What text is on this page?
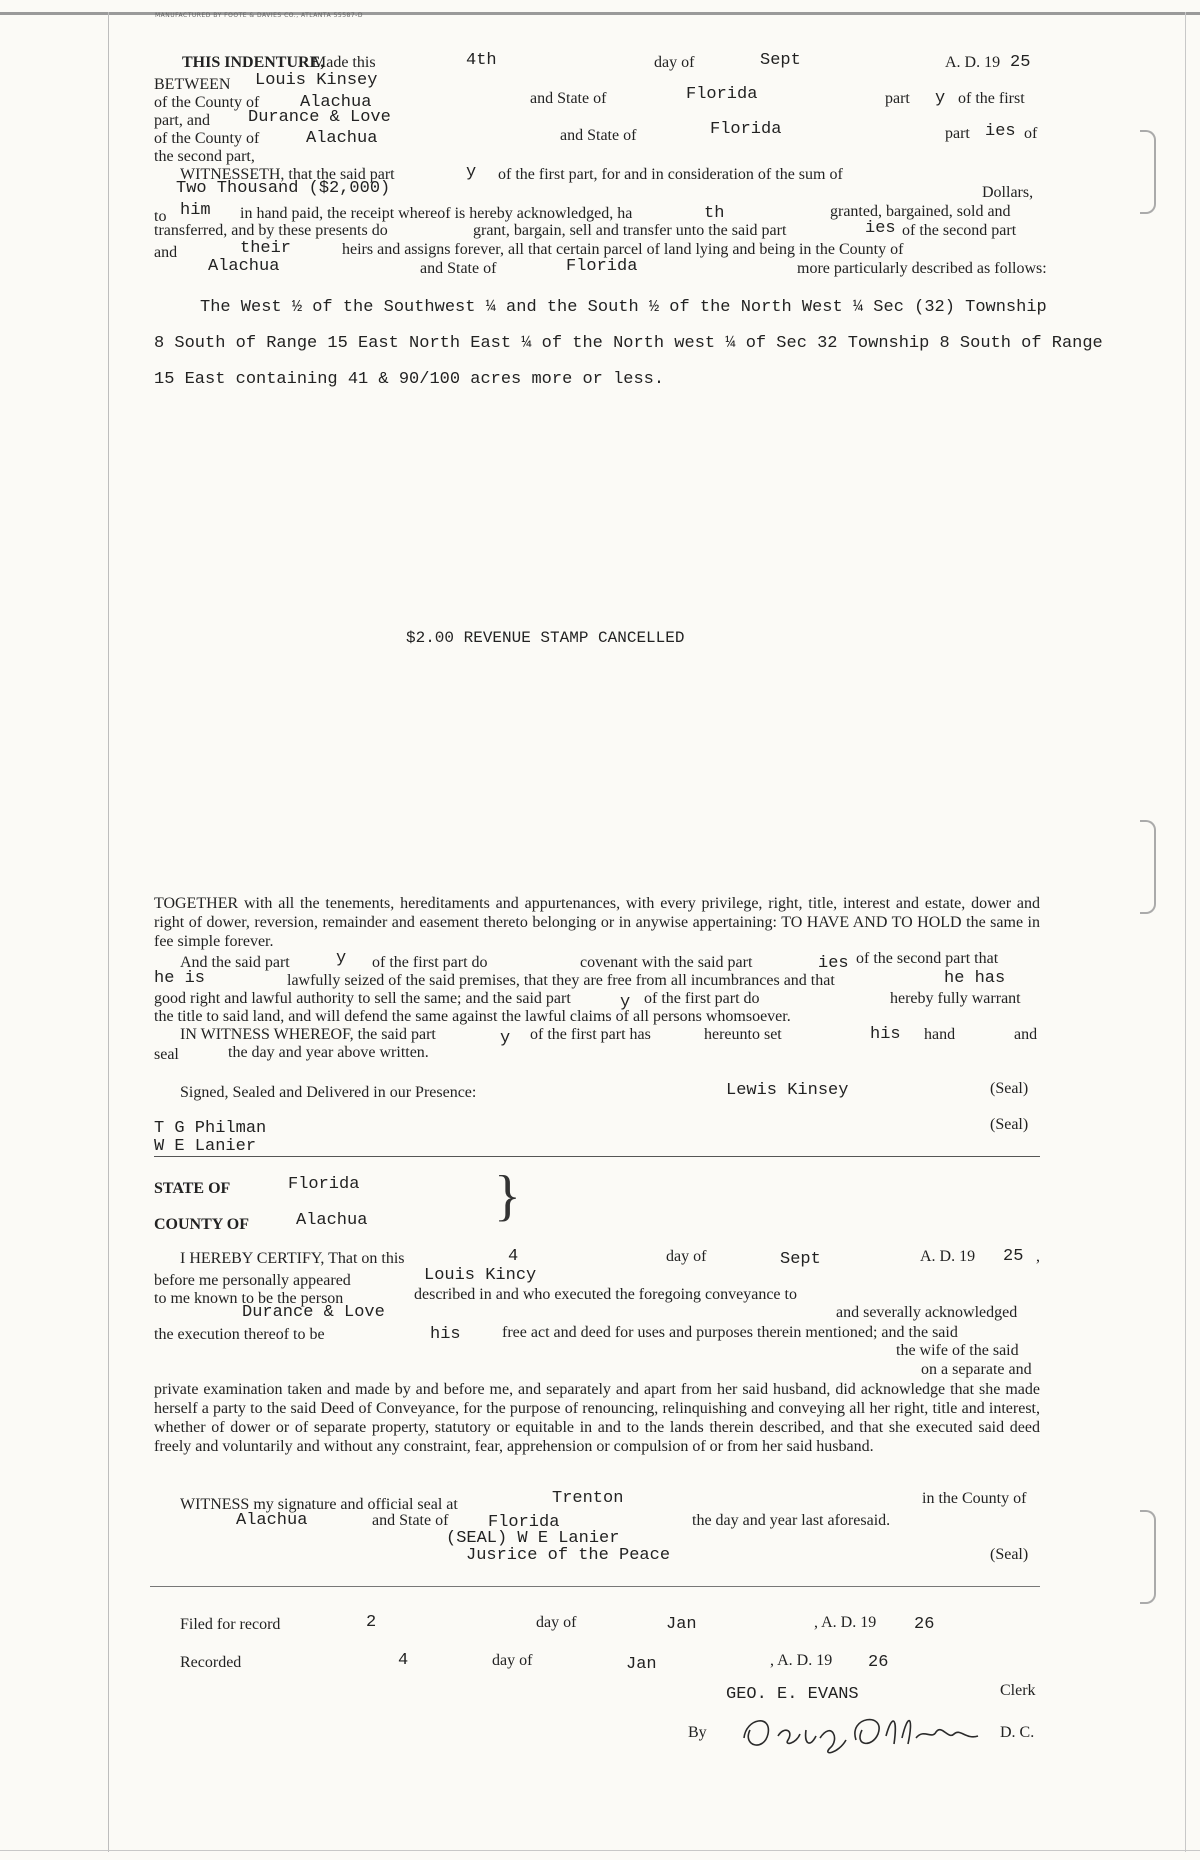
MANUFACTURED BY FOOTE & DAVIES CO., ATLANTA 55587-D
THIS INDENTURE,
Made this	4th	day of	Sept	A. D. 19 25
BETWEEN Louis Kinsey
of the County of Alachua	and State of	Florida	part y of the first
part, and Durance & Love
of the County of	Alachua	and State of	Florida	part ies of
the second part,
WITNESSETH, that the said part	y of the first part, for and in consideration of the sum of
Two Thousand ($2,000)	Dollars,
to him in hand paid, the receipt whereof is hereby acknowledged, ha	th	granted, bargained, sold and
transferred, and by these presents do	grant, bargain, sell and transfer unto the said part	ies of the second part
and	their	heirs and assigns forever, all that certain parcel of land lying and being in the County of
Alachua	and State of	Florida	more particularly described as follows:
The West ½ of the Southwest ¼ and the South ½ of the North West ¼ Sec (32) Township
8 South of Range 15 East North East ¼ of the North west ¼ of Sec 32 Township 8 South of Range
15 East containing 41 & 90/100 acres more or less.
$2.00 REVENUE STAMP CANCELLED
TOGETHER with all the tenements, hereditaments and appurtenances, with every privilege, right, title, interest and estate, dower and right of dower, reversion, remainder and easement thereto belonging or in anywise appertaining: TO HAVE AND TO HOLD the same in fee simple forever.
And the said part	y of the first part do	covenant with the said part	ies of the second part that
he is	lawfully seized of the said premises, that they are free from all incumbrances and that	he has
good right and lawful authority to sell the same; and the said part	y of the first part do	hereby fully warrant
the title to said land, and will defend the same against the lawful claims of all persons whomsoever.
IN WITNESS WHEREOF, the said part	y of the first part has	hereunto set	his hand	and
seal	the day and year above written.
Signed, Sealed and Delivered in our Presence:	Lewis Kinsey	(Seal)
(Seal)
T G Philman
W E Lanier
STATE OF	Florida
COUNTY OF	Alachua }
I HEREBY CERTIFY, That on this	4	day of	Sept	A. D. 19 25 ,
before me personally appeared	Louis Kincy
to me known to be the person	described in and who executed the foregoing conveyance to
Durance & Love	and severally acknowledged
the execution thereof to be	his	free act and deed for uses and purposes therein mentioned; and the said
the wife of the said
on a separate and
private examination taken and made by and before me, and separately and apart from her said husband, did acknowledge that she made herself a party to the said Deed of Conveyance, for the purpose of renouncing, relinquishing and conveying all her right, title and interest, whether of dower or of separate property, statutory or equitable in and to the lands therein described, and that she executed said deed freely and voluntarily and without any constraint, fear, apprehension or compulsion of or from her said husband.
WITNESS my signature and official seal at	Trenton	in the County of
Alachua	and State of Florida	the day and year last aforesaid.
(SEAL) W E Lanier
Jusrice of the Peace	(Seal)
Filed for record	2	day of	Jan	, A. D. 19 26
Recorded	4	day of	Jan	, A. D. 19 26
GEO. E. EVANS	Clerk
By	D. C.
